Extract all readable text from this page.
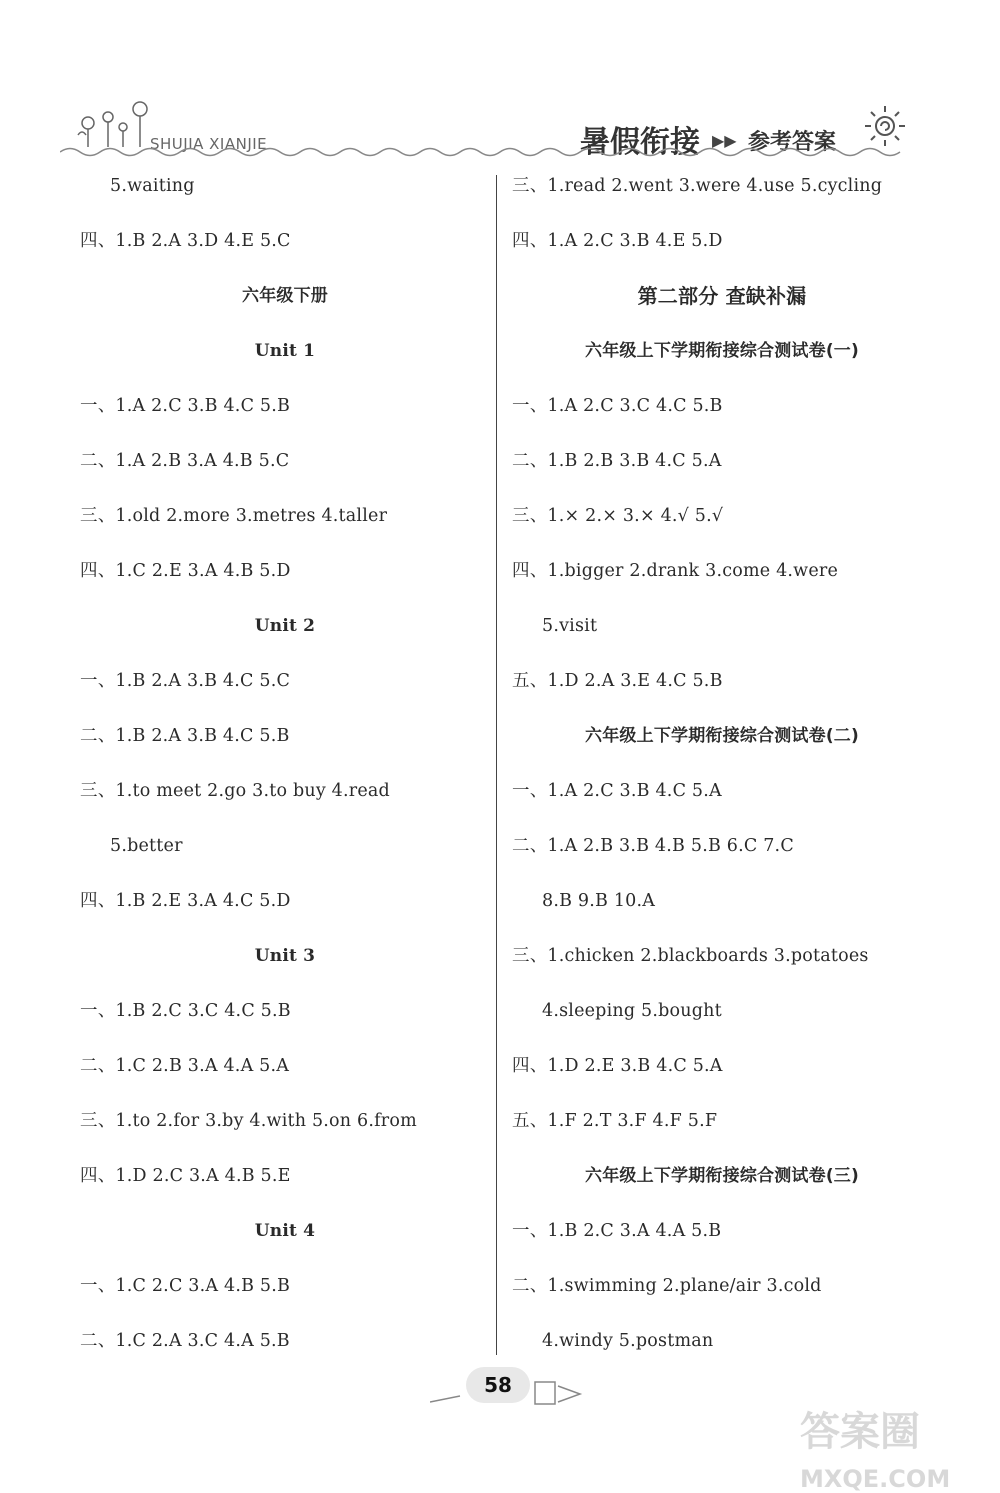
SHUJIA XIANJIE	暑假衔接 ▶▶ 参考答案
5.waiting
四、1.B 2.A 3.D 4.E 5.C
六年级下册
Unit 1
一、1.A 2.C 3.B 4.C 5.B
二、1.A 2.B 3.A 4.B 5.C
三、1.old 2.more 3.metres 4.taller
四、1.C 2.E 3.A 4.B 5.D
Unit 2
一、1.B 2.A 3.B 4.C 5.C
二、1.B 2.A 3.B 4.C 5.B
三、1.to meet 2.go 3.to buy 4.read
5.better
四、1.B 2.E 3.A 4.C 5.D
Unit 3
一、1.B 2.C 3.C 4.C 5.B
二、1.C 2.B 3.A 4.A 5.A
三、1.to 2.for 3.by 4.with 5.on 6.from
四、1.D 2.C 3.A 4.B 5.E
Unit 4
一、1.C 2.C 3.A 4.B 5.B
二、1.C 2.A 3.C 4.A 5.B
三、1.read 2.went 3.were 4.use 5.cycling
四、1.A 2.C 3.B 4.E 5.D
第二部分 查缺补漏
六年级上下学期衔接综合测试卷(一)
一、1.A 2.C 3.C 4.C 5.B
二、1.B 2.B 3.B 4.C 5.A
三、1.× 2.× 3.× 4.√ 5.√
四、1.bigger 2.drank 3.come 4.were
5.visit
五、1.D 2.A 3.E 4.C 5.B
六年级上下学期衔接综合测试卷(二)
一、1.A 2.C 3.B 4.C 5.A
二、1.A 2.B 3.B 4.B 5.B 6.C 7.C
8.B 9.B 10.A
三、1.chicken 2.blackboards 3.potatoes
4.sleeping 5.bought
四、1.D 2.E 3.B 4.C 5.A
五、1.F 2.T 3.F 4.F 5.F
六年级上下学期衔接综合测试卷(三)
一、1.B 2.C 3.A 4.A 5.B
二、1.swimming 2.plane/air 3.cold
4.windy 5.postman
58
答案圈
MXQE.COM
